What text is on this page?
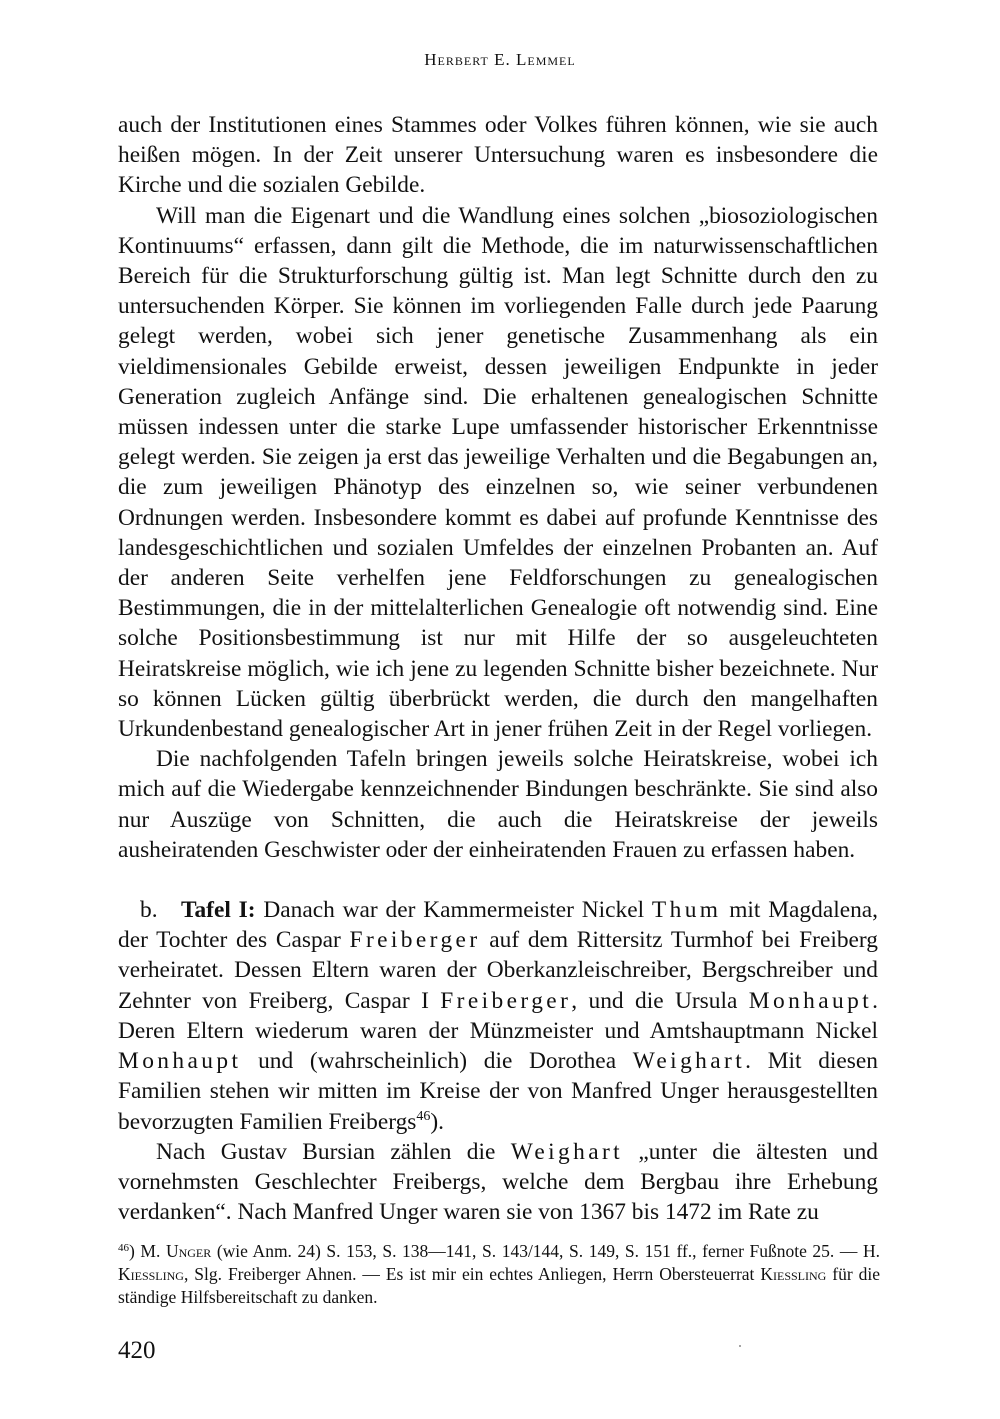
Herbert E. Lemmel

auch der Institutionen eines Stammes oder Volkes führen können, wie sie auch heißen mögen. In der Zeit unserer Untersuchung waren es insbesondere die Kirche und die sozialen Gebilde.

Will man die Eigenart und die Wandlung eines solchen „biosoziologischen Kontinuums“ erfassen, dann gilt die Methode, die im naturwissenschaftlichen Bereich für die Strukturforschung gültig ist. Man legt Schnitte durch den zu untersuchenden Körper. Sie können im vorliegenden Falle durch jede Paarung gelegt werden, wobei sich jener genetische Zusammenhang als ein vieldimensionales Gebilde erweist, dessen jeweiligen Endpunkte in jeder Generation zugleich Anfänge sind. Die erhaltenen genealogischen Schnitte müssen indessen unter die starke Lupe umfassender historischer Erkenntnisse gelegt werden. Sie zeigen ja erst das jeweilige Verhalten und die Begabungen an, die zum jeweiligen Phänotyp des einzelnen so, wie seiner verbundenen Ordnungen werden. Insbesondere kommt es dabei auf profunde Kenntnisse des landesgeschichtlichen und sozialen Umfeldes der einzelnen Probanten an. Auf der anderen Seite verhelfen jene Feldforschungen zu genealogischen Bestimmungen, die in der mittelalterlichen Genealogie oft notwendig sind. Eine solche Positionsbestimmung ist nur mit Hilfe der so ausgeleuchteten Heiratskreise möglich, wie ich jene zu legenden Schnitte bisher bezeichnete. Nur so können Lücken gültig überbrückt werden, die durch den mangelhaften Urkundenbestand genealogischer Art in jener frühen Zeit in der Regel vorliegen.

Die nachfolgenden Tafeln bringen jeweils solche Heiratskreise, wobei ich mich auf die Wiedergabe kennzeichnender Bindungen beschränkte. Sie sind also nur Auszüge von Schnitten, die auch die Heiratskreise der jeweils ausheiratenden Geschwister oder der einheiratenden Frauen zu erfassen haben.

b. Tafel I: Danach war der Kammermeister Nickel Thum mit Magdalena, der Tochter des Caspar Freiberger auf dem Rittersitz Turmhof bei Freiberg verheiratet. Dessen Eltern waren der Oberkanzleischreiber, Bergschreiber und Zehnter von Freiberg, Caspar I Freiberger, und die Ursula Monhaupt. Deren Eltern wiederum waren der Münzmeister und Amtshauptmann Nickel Monhaupt und (wahrscheinlich) die Dorothea Weighart. Mit diesen Familien stehen wir mitten im Kreise der von Manfred Unger herausgestellten bevorzugten Familien Freibergs$^{46}$).

Nach Gustav Bursian zählen die Weighart „unter die ältesten und vornehmsten Geschlechter Freibergs, welche dem Bergbau ihre Erhebung verdanken“. Nach Manfred Unger waren sie von 1367 bis 1472 im Rate zu

$^{46}$) M. Unger (wie Anm. 24) S. 153, S. 138—141, S. 143/144, S. 149, S. 151 ff., ferner Fußnote 25. — H. Kiessling, Slg. Freiberger Ahnen. — Es ist mir ein echtes Anliegen, Herrn Obersteuerrat Kiessling für die ständige Hilfsbereitschaft zu danken.
420
